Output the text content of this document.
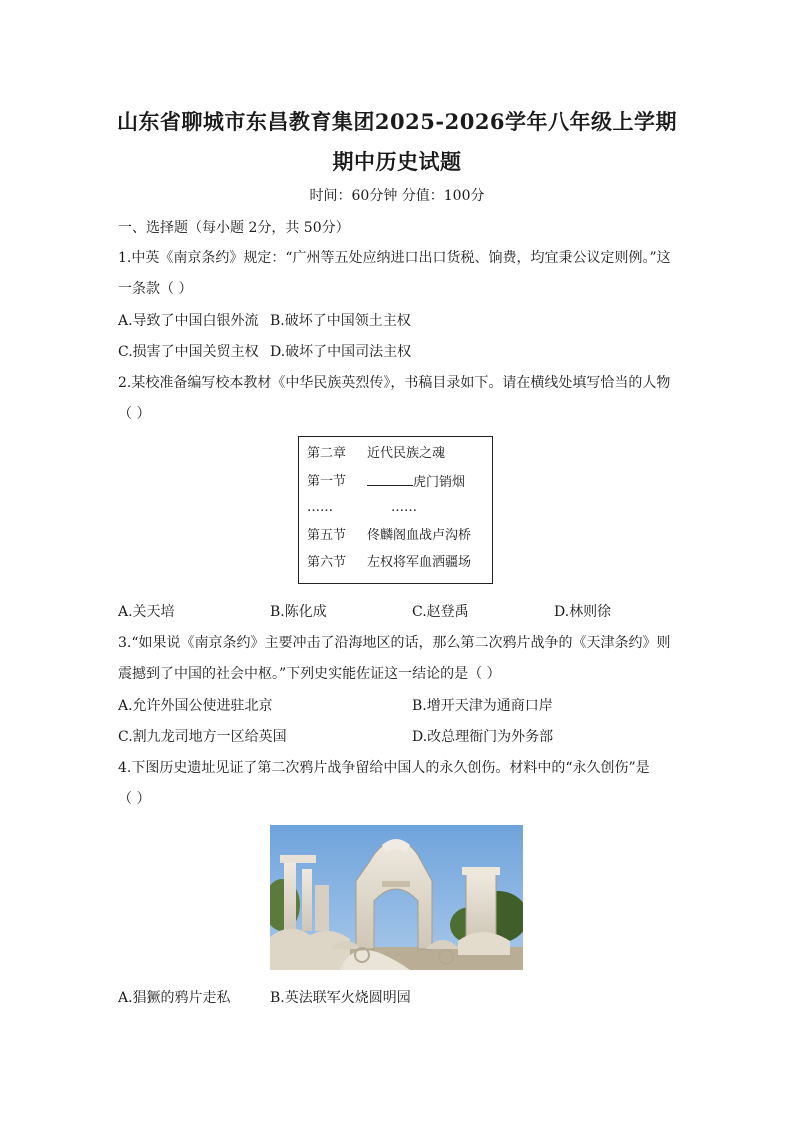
山东省聊城市东昌教育集团2025-2026学年八年级上学期
期中历史试题
时间：60分钟 分值：100分
一、选择题（每小题 2分，共 50分）
1.中英《南京条约》规定：“广州等五处应纳进口出口货税、饷费，均宜秉公议定则例。”这
一条款（ ）
A.导致了中国白银外流 B.破坏了中国领土主权
C.损害了中国关贸主权 D.破坏了中国司法主权
2.某校准备编写校本教材《中华民族英烈传》，书稿目录如下。请在横线处填写恰当的人物
（ ）
第二章 近代民族之魂
第一节	虎门销烟
……	……
第五节 佟麟阁血战卢沟桥
第六节 左权将军血洒疆场
A.关天培	B.陈化成	C.赵登禹	D.林则徐
3.“如果说《南京条约》主要冲击了沿海地区的话，那么第二次鸦片战争的《天津条约》则
震撼到了中国的社会中枢。”下列史实能佐证这一结论的是（ ）
A.允许外国公使进驻北京	B.增开天津为通商口岸
C.割九龙司地方一区给英国	D.改总理衙门为外务部
4.下图历史遗址见证了第二次鸦片战争留给中国人的永久创伤。材料中的“永久创伤”是
（ ）
A.猖獗的鸦片走私	B.英法联军火烧圆明园
